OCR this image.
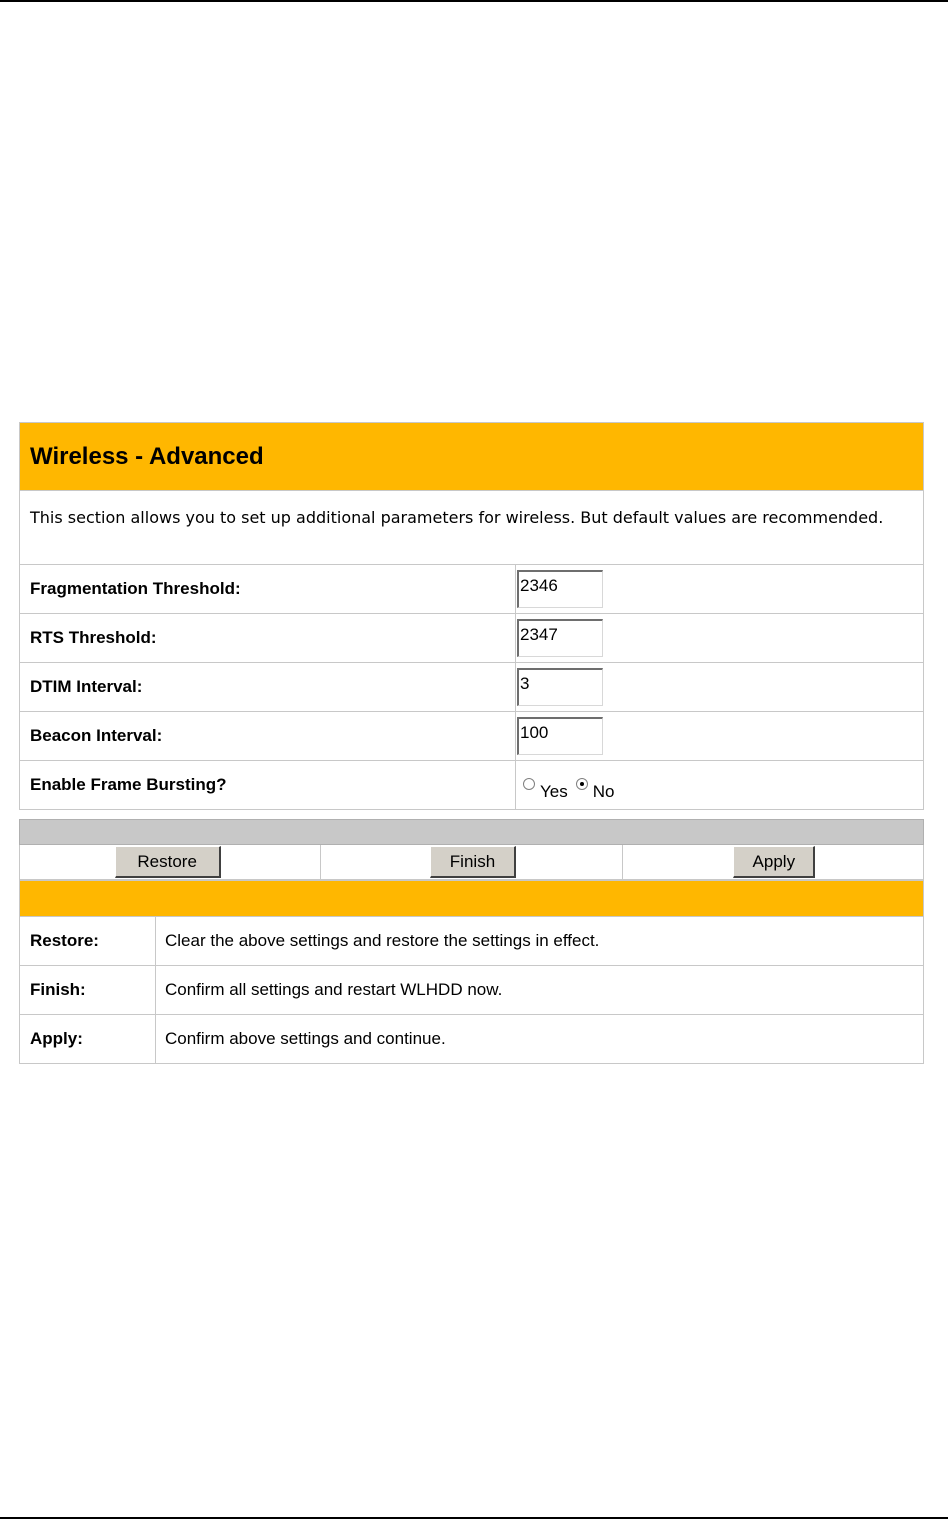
Wireless - Advanced
This section allows you to set up additional parameters for wireless. But default values are recommended.
Fragmentation Threshold:
2346
RTS Threshold:
2347
DTIM Interval:
3
Beacon Interval:
100
Enable Frame Bursting?	Yes No
Restore	Finish	Apply
Restore:	Clear the above settings and restore the settings in effect.
Finish:	Confirm all settings and restart WLHDD now.
Apply:	Confirm above settings and continue.
